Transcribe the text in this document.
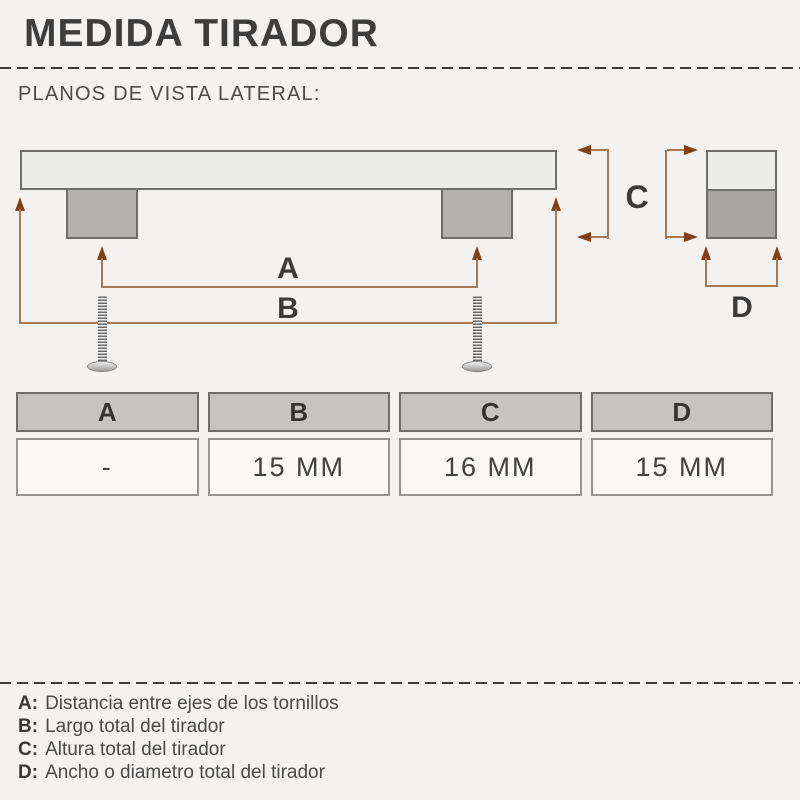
MEDIDA TIRADOR
PLANOS DE VISTA LATERAL:
B
A
C
D
A	B	C	D
-	15 MM	16 MM	15 MM
A: Distancia entre ejes de los tornillos
B: Largo total del tirador
C: Altura total del tirador
D: Ancho o diametro total del tirador
